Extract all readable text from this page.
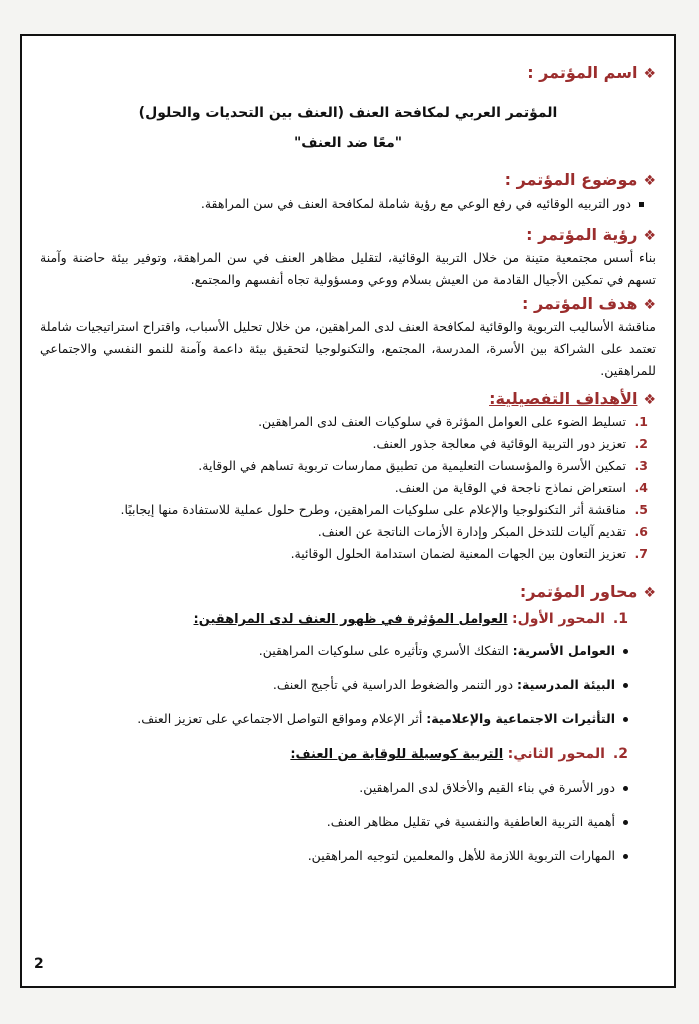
❖اسم المؤتمر :
المؤتمر العربي لمكافحة العنف (العنف بين التحديات والحلول)
"معًا ضد العنف"
❖موضوع المؤتمر :
دور التربيه الوقائيه في رفع الوعي مع رؤية شاملة لمكافحة العنف في سن المراهقة.
❖رؤية المؤتمر :
بناء أسس مجتمعية متينة من خلال التربية الوقائية، لتقليل مظاهر العنف في سن المراهقة، وتوفير بيئة حاضنة وآمنة تسهم في تمكين الأجيال القادمة من العيش بسلام ووعي ومسؤولية تجاه أنفسهم والمجتمع.
❖هدف المؤتمر :
مناقشة الأساليب التربوية والوقائية لمكافحة العنف لدى المراهقين، من خلال تحليل الأسباب، واقتراح استراتيجيات شاملة تعتمد على الشراكة بين الأسرة، المدرسة، المجتمع، والتكنولوجيا لتحقيق بيئة داعمة وآمنة للنمو النفسي والاجتماعي للمراهقين.
❖الأهداف التفصيلية:
1.
تسليط الضوء على العوامل المؤثرة في سلوكيات العنف لدى المراهقين.
2.
تعزيز دور التربية الوقائية في معالجة جذور العنف.
3.
تمكين الأسرة والمؤسسات التعليمية من تطبيق ممارسات تربوية تساهم في الوقاية.
4.
استعراض نماذج ناجحة في الوقاية من العنف.
5.
مناقشة أثر التكنولوجيا والإعلام على سلوكيات المراهقين، وطرح حلول عملية للاستفادة منها إيجابيًا.
6.
تقديم آليات للتدخل المبكر وإدارة الأزمات الناتجة عن العنف.
7.
تعزيز التعاون بين الجهات المعنية لضمان استدامة الحلول الوقائية.
❖محاور المؤتمر:
1.المحور الأول: العوامل المؤثرة في ظهور العنف لدى المراهقين:
العوامل الأسرية: التفكك الأسري وتأثيره على سلوكيات المراهقين.
البيئة المدرسية: دور التنمر والضغوط الدراسية في تأجيج العنف.
التأثيرات الاجتماعية والإعلامية: أثر الإعلام ومواقع التواصل الاجتماعي على تعزيز العنف.
2.المحور الثاني: التربية كوسيلة للوقاية من العنف:
دور الأسرة في بناء القيم والأخلاق لدى المراهقين.
أهمية التربية العاطفية والنفسية في تقليل مظاهر العنف.
المهارات التربوية اللازمة للأهل والمعلمين لتوجيه المراهقين.
2
